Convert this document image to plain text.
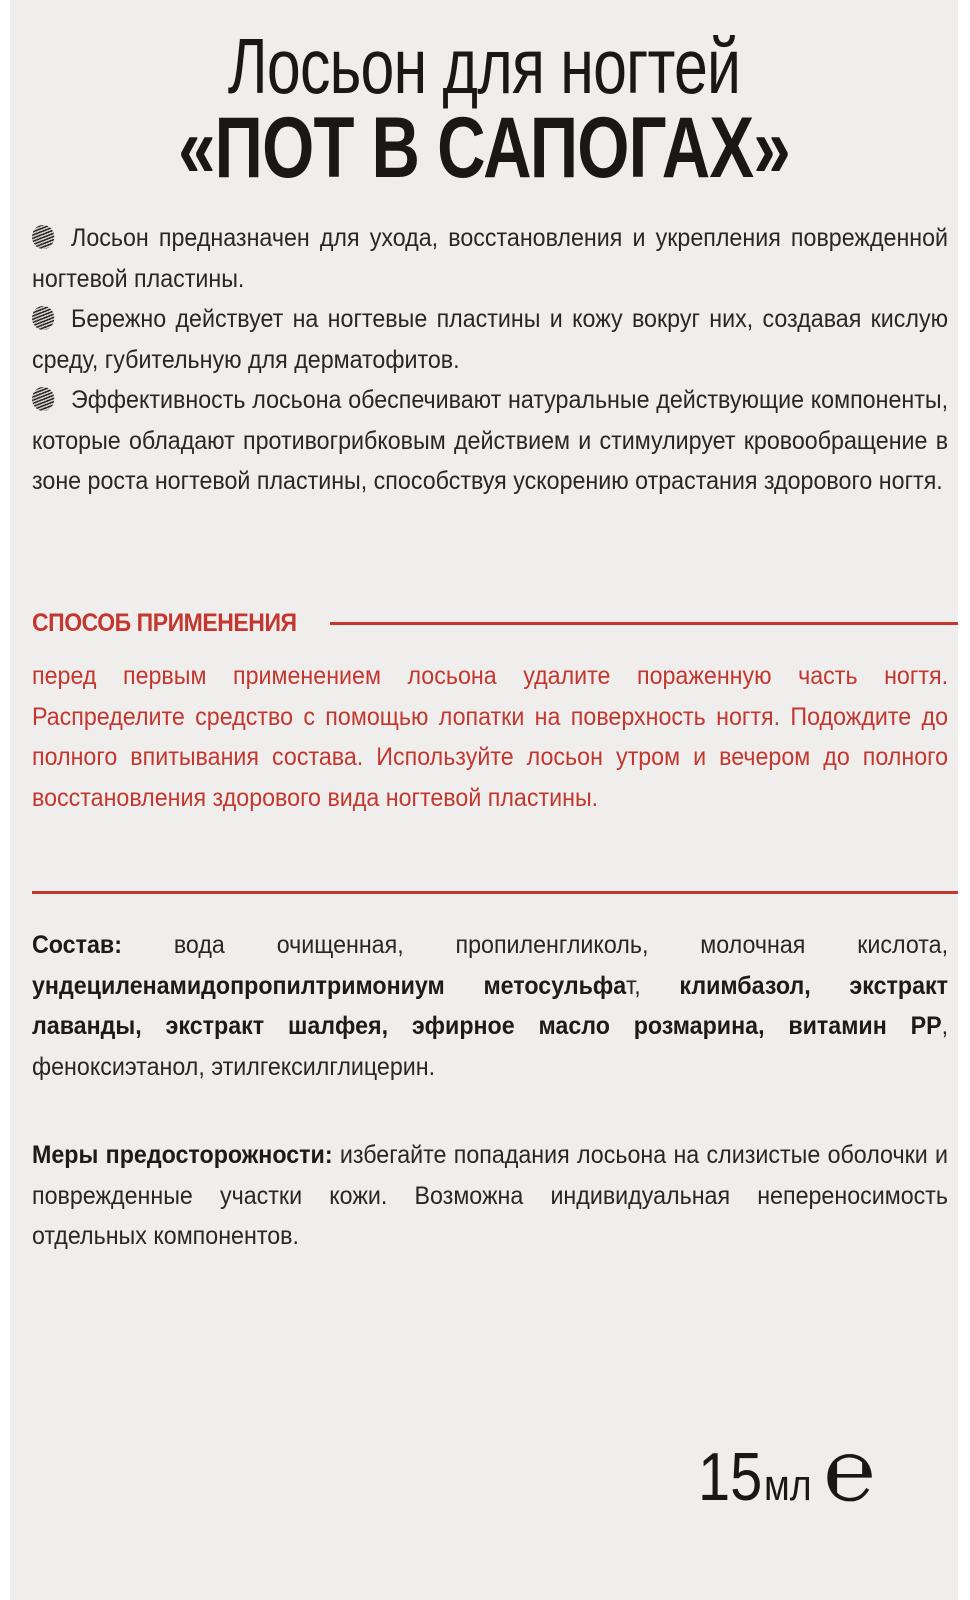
Лосьон для ногтей
«ПОТ В САПОГАХ»

Лосьон предназначен для ухода, восстановления и укрепления поврежденной ногтевой пластины.

Бережно действует на ногтевые пластины и кожу вокруг них, создавая кислую среду, губительную для дерматофитов.

Эффективность лосьона обеспечивают натуральные действующие компоненты, которые обладают противогрибковым действием и стимулирует кровообращение в зоне роста ногтевой пластины, способствуя ускорению отрастания здорового ногтя.

СПОСОБ ПРИМЕНЕНИЯ
перед первым применением лосьона удалите пораженную часть ногтя. Распределите средство с помощью лопатки на поверхность ногтя. Подождите до полного впитывания состава. Используйте лосьон утром и вечером до полного восстановления здорового вида ногтевой пластины.
Состав: вода очищенная, пропиленгликоль, молочная кислота, ундециленамидопропилтримониум метосульфат, климбазол, экстракт лаванды, экстракт шалфея, эфирное масло розмарина, витамин PP, феноксиэтанол, этилгексилглицерин.
Меры предосторожности: избегайте попадания лосьона на слизистые оболочки и поврежденные участки кожи. Возможна индивидуальная непереносимость отдельных компонентов.
15 мл ℮
